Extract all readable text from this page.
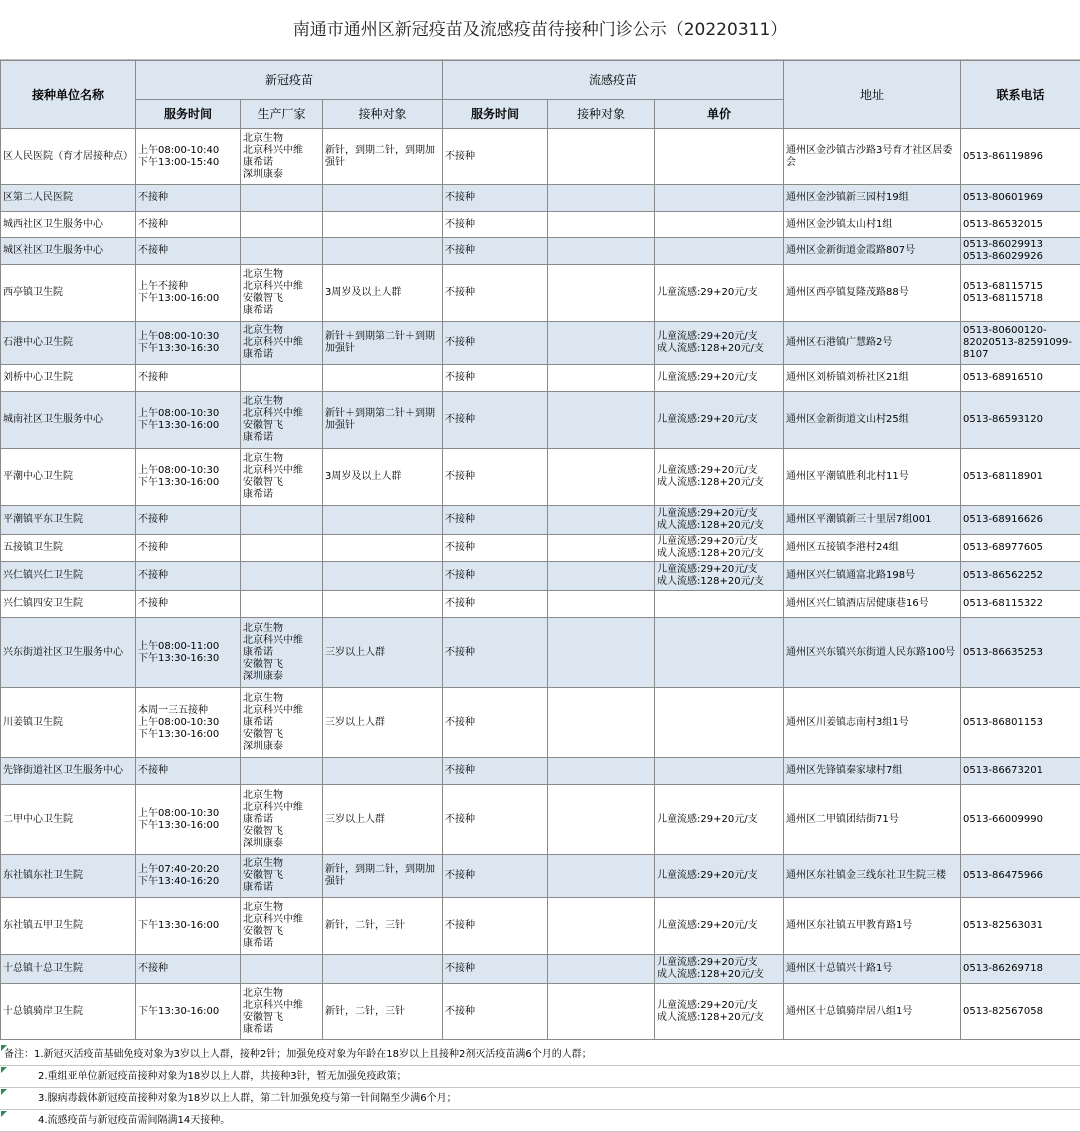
南通市通州区新冠疫苗及流感疫苗待接种门诊公示（20220311）
接种单位名称	新冠疫苗			流感疫苗			地址	联系电话
	服务时间	生产厂家	接种对象	服务时间	接种对象	单价		
区人民医院（育才居接种点）	上午08:00-10:40
下午13:00-15:40	北京生物
北京科兴中维
康希诺
深圳康泰	新针，到期二针，到期加强针	不接种			通州区金沙镇古沙路3号育才社区居委会	0513-86119896
区第二人民医院	不接种			不接种			通州区金沙镇新三园村19组	0513-80601969
城西社区卫生服务中心	不接种			不接种			通州区金沙镇太山村1组	0513-86532015
城区社区卫生服务中心	不接种			不接种			通州区金新街道金霞路807号	0513-86029913
0513-86029926
西亭镇卫生院	上午不接种
下午13:00-16:00	北京生物
北京科兴中维
安徽智飞
康希诺	3周岁及以上人群	不接种		儿童流感:29+20元/支	通州区西亭镇复隆茂路88号	0513-68115715
0513-68115718
石港中心卫生院	上午08:00-10:30
下午13:30-16:30	北京生物
北京科兴中维
康希诺	新针＋到期第二针＋到期加强针	不接种		儿童流感:29+20元/支
成人流感:128+20元/支	通州区石港镇广慧路2号	0513-80600120-82020513-82591099-8107
刘桥中心卫生院	不接种			不接种		儿童流感:29+20元/支	通州区刘桥镇刘桥社区21组	0513-68916510
城南社区卫生服务中心	上午08:00-10:30
下午13:30-16:00	北京生物
北京科兴中维
安徽智飞
康希诺	新针＋到期第二针＋到期加强针	不接种		儿童流感:29+20元/支	通州区金新街道文山村25组	0513-86593120
平潮中心卫生院	上午08:00-10:30
下午13:30-16:00	北京生物
北京科兴中维
安徽智飞
康希诺	3周岁及以上人群	不接种		儿童流感:29+20元/支
成人流感:128+20元/支	通州区平潮镇胜利北村11号	0513-68118901
平潮镇平东卫生院	不接种			不接种		儿童流感:29+20元/支
成人流感:128+20元/支	通州区平潮镇新三十里居7组001	0513-68916626
五接镇卫生院	不接种			不接种		儿童流感:29+20元/支
成人流感:128+20元/支	通州区五接镇李港村24组	0513-68977605
兴仁镇兴仁卫生院	不接种			不接种		儿童流感:29+20元/支
成人流感:128+20元/支	通州区兴仁镇通富北路198号	0513-86562252
兴仁镇四安卫生院	不接种			不接种			通州区兴仁镇酒店居健康巷16号	0513-68115322
兴东街道社区卫生服务中心	上午08:00-11:00
下午13:30-16:30	北京生物
北京科兴中维
康希诺
安徽智飞
深圳康泰	三岁以上人群	不接种			通州区兴东镇兴东街道人民东路100号	0513-86635253
川姜镇卫生院	本周一三五接种
上午08:00-10:30
下午13:30-16:00	北京生物
北京科兴中维
康希诺
安徽智飞
深圳康泰	三岁以上人群	不接种			通州区川姜镇志南村3组1号	0513-86801153
先锋街道社区卫生服务中心	不接种			不接种			通州区先锋镇秦家埭村7组	0513-86673201
二甲中心卫生院	上午08:00-10:30
下午13:30-16:00	北京生物
北京科兴中维
康希诺
安徽智飞
深圳康泰	三岁以上人群	不接种		儿童流感:29+20元/支	通州区二甲镇团结街71号	0513-66009990
东社镇东社卫生院	上午07:40-20:20
下午13:40-16:20	北京生物
安徽智飞
康希诺	新针，到期二针，到期加强针	不接种		儿童流感:29+20元/支	通州区东社镇金三线东社卫生院三楼	0513-86475966
东社镇五甲卫生院	下午13:30-16:00	北京生物
北京科兴中维
安徽智飞
康希诺	新针，二针，三针	不接种		儿童流感:29+20元/支	通州区东社镇五甲教育路1号	0513-82563031
十总镇十总卫生院	不接种			不接种		儿童流感:29+20元/支
成人流感:128+20元/支	通州区十总镇兴十路1号	0513-86269718
十总镇骑岸卫生院	下午13:30-16:00	北京生物
北京科兴中维
安徽智飞
康希诺	新针，二针，三针	不接种		儿童流感:29+20元/支
成人流感:128+20元/支	通州区十总镇骑岸居八组1号	0513-82567058
备注：1.新冠灭活疫苗基础免疫对象为3岁以上人群，接种2针；加强免疫对象为年龄在18岁以上且接种2剂灭活疫苗满6个月的人群；
2.重组亚单位新冠疫苗接种对象为18岁以上人群，共接种3针，暂无加强免疫政策；
3.腺病毒载体新冠疫苗接种对象为18岁以上人群，第二针加强免疫与第一针间隔至少满6个月；
4.流感疫苗与新冠疫苗需间隔满14天接种。
